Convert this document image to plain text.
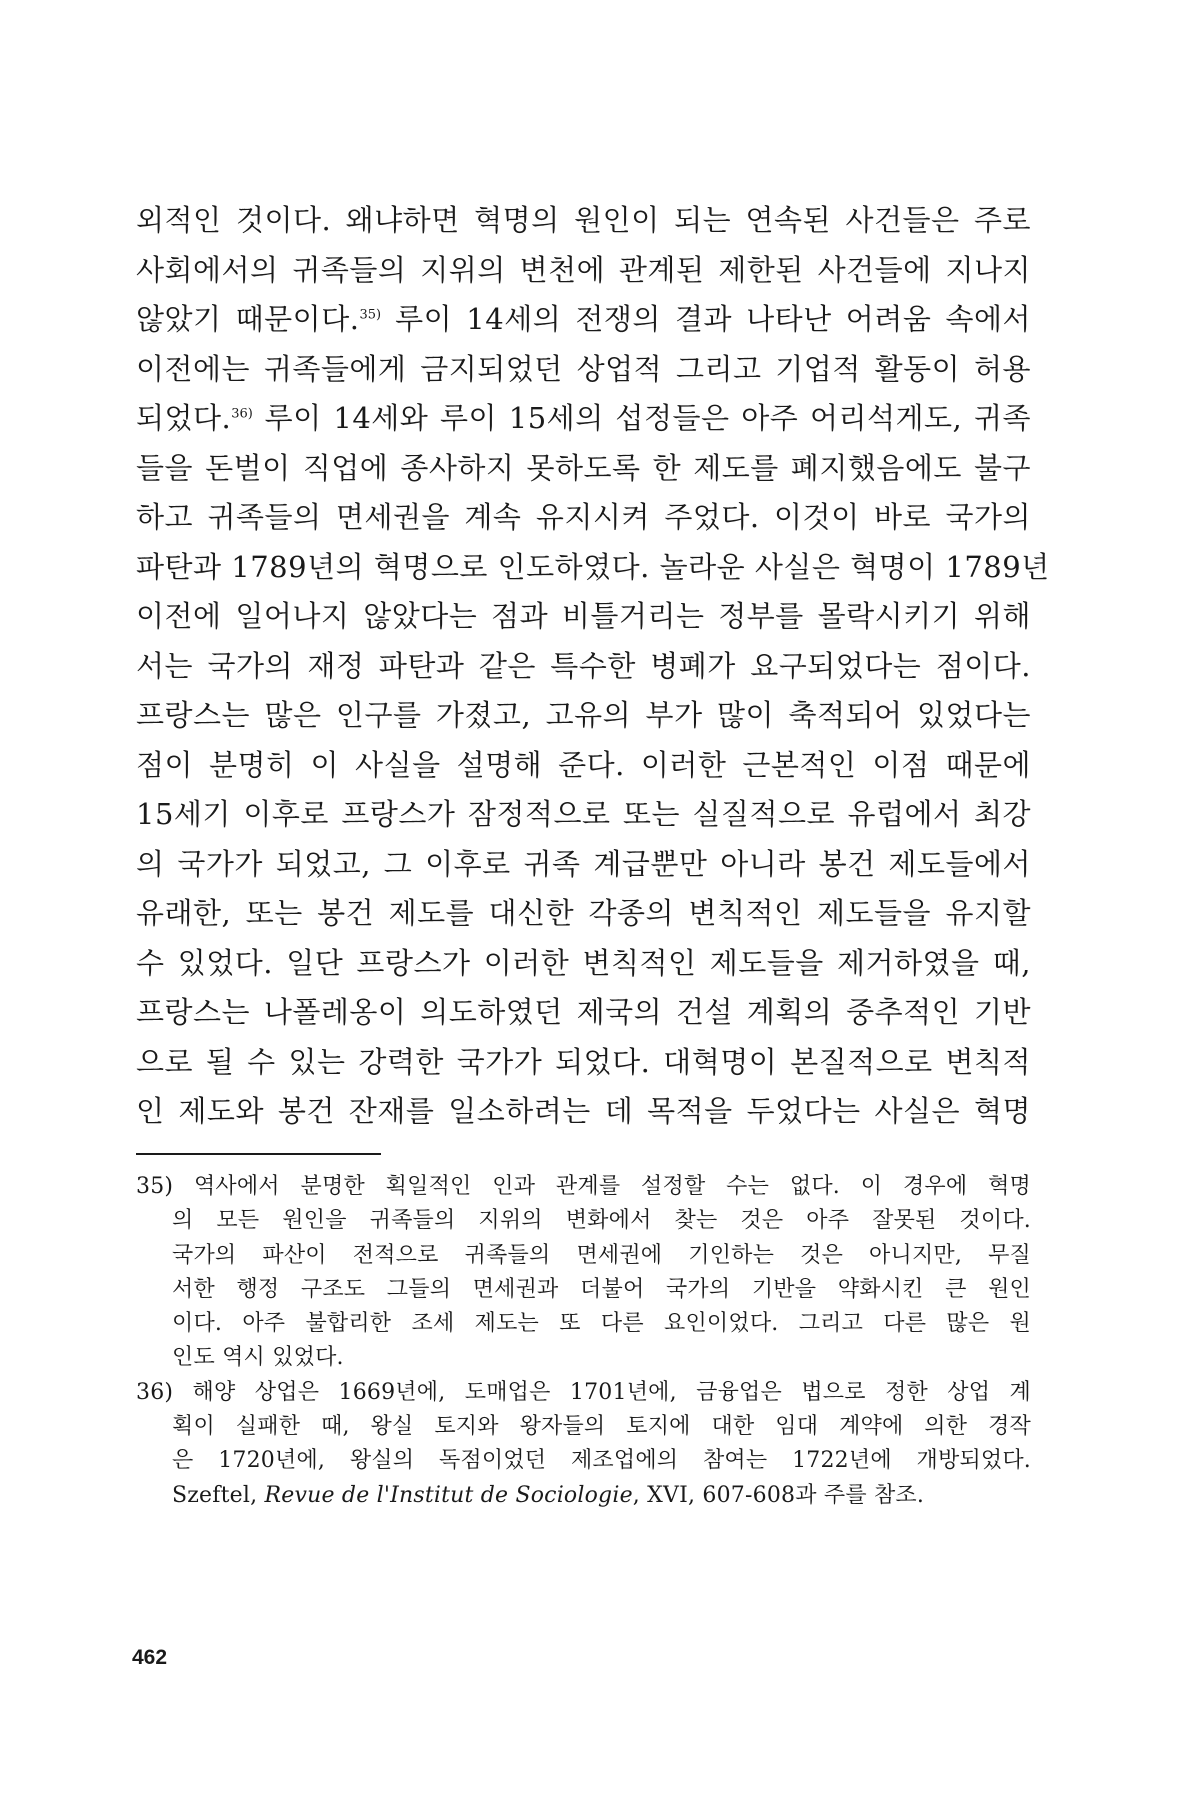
외적인 것이다. 왜냐하면 혁명의 원인이 되는 연속된 사건들은 주로
사회에서의 귀족들의 지위의 변천에 관계된 제한된 사건들에 지나지
않았기 때문이다.$^{35)}$ 루이 14세의 전쟁의 결과 나타난 어려움 속에서
이전에는 귀족들에게 금지되었던 상업적 그리고 기업적 활동이 허용
되었다.$^{36)}$ 루이 14세와 루이 15세의 섭정들은 아주 어리석게도, 귀족
들을 돈벌이 직업에 종사하지 못하도록 한 제도를 폐지했음에도 불구
하고 귀족들의 면세권을 계속 유지시켜 주었다. 이것이 바로 국가의
파탄과 1789년의 혁명으로 인도하였다. 놀라운 사실은 혁명이 1789년
이전에 일어나지 않았다는 점과 비틀거리는 정부를 몰락시키기 위해
서는 국가의 재정 파탄과 같은 특수한 병폐가 요구되었다는 점이다.
프랑스는 많은 인구를 가졌고, 고유의 부가 많이 축적되어 있었다는
점이 분명히 이 사실을 설명해 준다. 이러한 근본적인 이점 때문에
15세기 이후로 프랑스가 잠정적으로 또는 실질적으로 유럽에서 최강
의 국가가 되었고, 그 이후로 귀족 계급뿐만 아니라 봉건 제도들에서
유래한, 또는 봉건 제도를 대신한 각종의 변칙적인 제도들을 유지할
수 있었다. 일단 프랑스가 이러한 변칙적인 제도들을 제거하였을 때,
프랑스는 나폴레옹이 의도하였던 제국의 건설 계획의 중추적인 기반
으로 될 수 있는 강력한 국가가 되었다. 대혁명이 본질적으로 변칙적
인 제도와 봉건 잔재를 일소하려는 데 목적을 두었다는 사실은 혁명
35) 역사에서 분명한 획일적인 인과 관계를 설정할 수는 없다. 이 경우에 혁명
의 모든 원인을 귀족들의 지위의 변화에서 찾는 것은 아주 잘못된 것이다.
국가의 파산이 전적으로 귀족들의 면세권에 기인하는 것은 아니지만, 무질
서한 행정 구조도 그들의 면세권과 더불어 국가의 기반을 약화시킨 큰 원인
이다. 아주 불합리한 조세 제도는 또 다른 요인이었다. 그리고 다른 많은 원
인도 역시 있었다.
36) 해양 상업은 1669년에, 도매업은 1701년에, 금융업은 법으로 정한 상업 계
획이 실패한 때, 왕실 토지와 왕자들의 토지에 대한 임대 계약에 의한 경작
은 1720년에, 왕실의 독점이었던 제조업에의 참여는 1722년에 개방되었다.
Szeftel, Revue de l'Institut de Sociologie, XVI, 607-608과 주를 참조.
462
